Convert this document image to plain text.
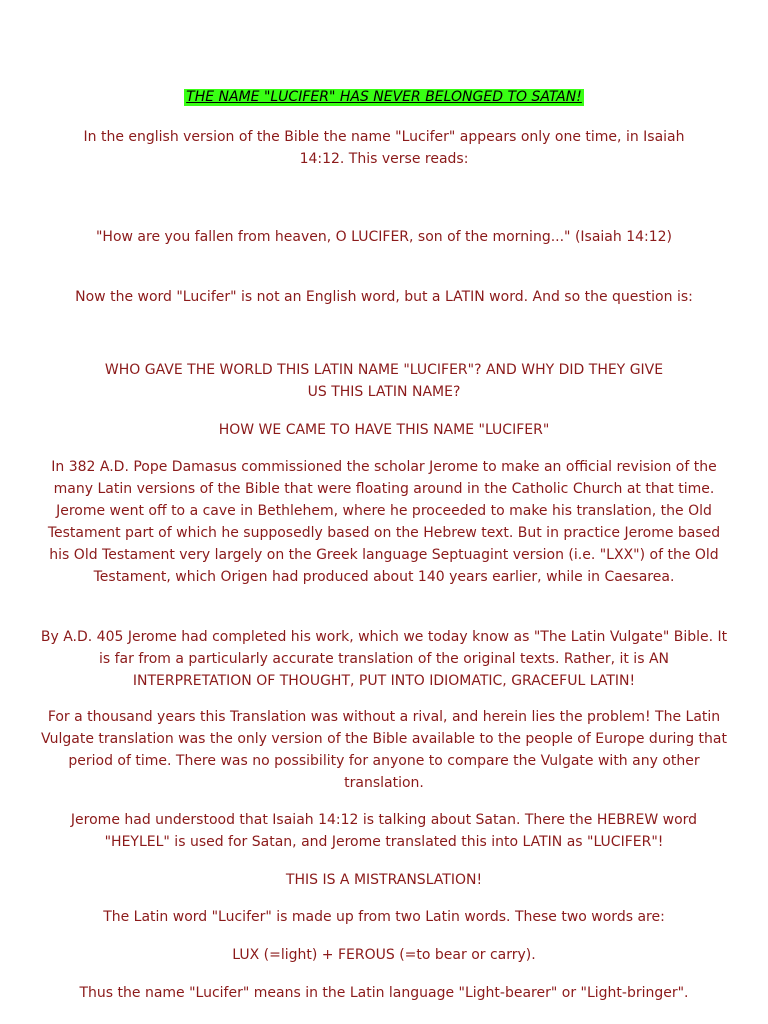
THE NAME "LUCIFER" HAS NEVER BELONGED TO SATAN!

In the english version of the Bible the name "Lucifer" appears only one time, in Isaiah 14:12. This verse reads:

"How are you fallen from heaven, O LUCIFER, son of the morning..." (Isaiah 14:12)

Now the word "Lucifer" is not an English word, but a LATIN word. And so the question is:

WHO GAVE THE WORLD THIS LATIN NAME "LUCIFER"? AND WHY DID THEY GIVE US THIS LATIN NAME?

HOW WE CAME TO HAVE THIS NAME "LUCIFER"

In 382 A.D. Pope Damasus commissioned the scholar Jerome to make an official revision of the many Latin versions of the Bible that were floating around in the Catholic Church at that time. Jerome went off to a cave in Bethlehem, where he proceeded to make his translation, the Old Testament part of which he supposedly based on the Hebrew text. But in practice Jerome based his Old Testament very largely on the Greek language Septuagint version (i.e. "LXX") of the Old Testament, which Origen had produced about 140 years earlier, while in Caesarea.

By A.D. 405 Jerome had completed his work, which we today know as "The Latin Vulgate" Bible. It is far from a particularly accurate translation of the original texts. Rather, it is AN INTERPRETATION OF THOUGHT, PUT INTO IDIOMATIC, GRACEFUL LATIN!

For a thousand years this Translation was without a rival, and herein lies the problem! The Latin Vulgate translation was the only version of the Bible available to the people of Europe during that period of time. There was no possibility for anyone to compare the Vulgate with any other translation.

Jerome had understood that Isaiah 14:12 is talking about Satan. There the HEBREW word "HEYLEL" is used for Satan, and Jerome translated this into LATIN as "LUCIFER"!

THIS IS A MISTRANSLATION!

The Latin word "Lucifer" is made up from two Latin words. These two words are:

LUX (=light) + FEROUS (=to bear or carry).

Thus the name "Lucifer" means in the Latin language "Light-bearer" or "Light-bringer".
